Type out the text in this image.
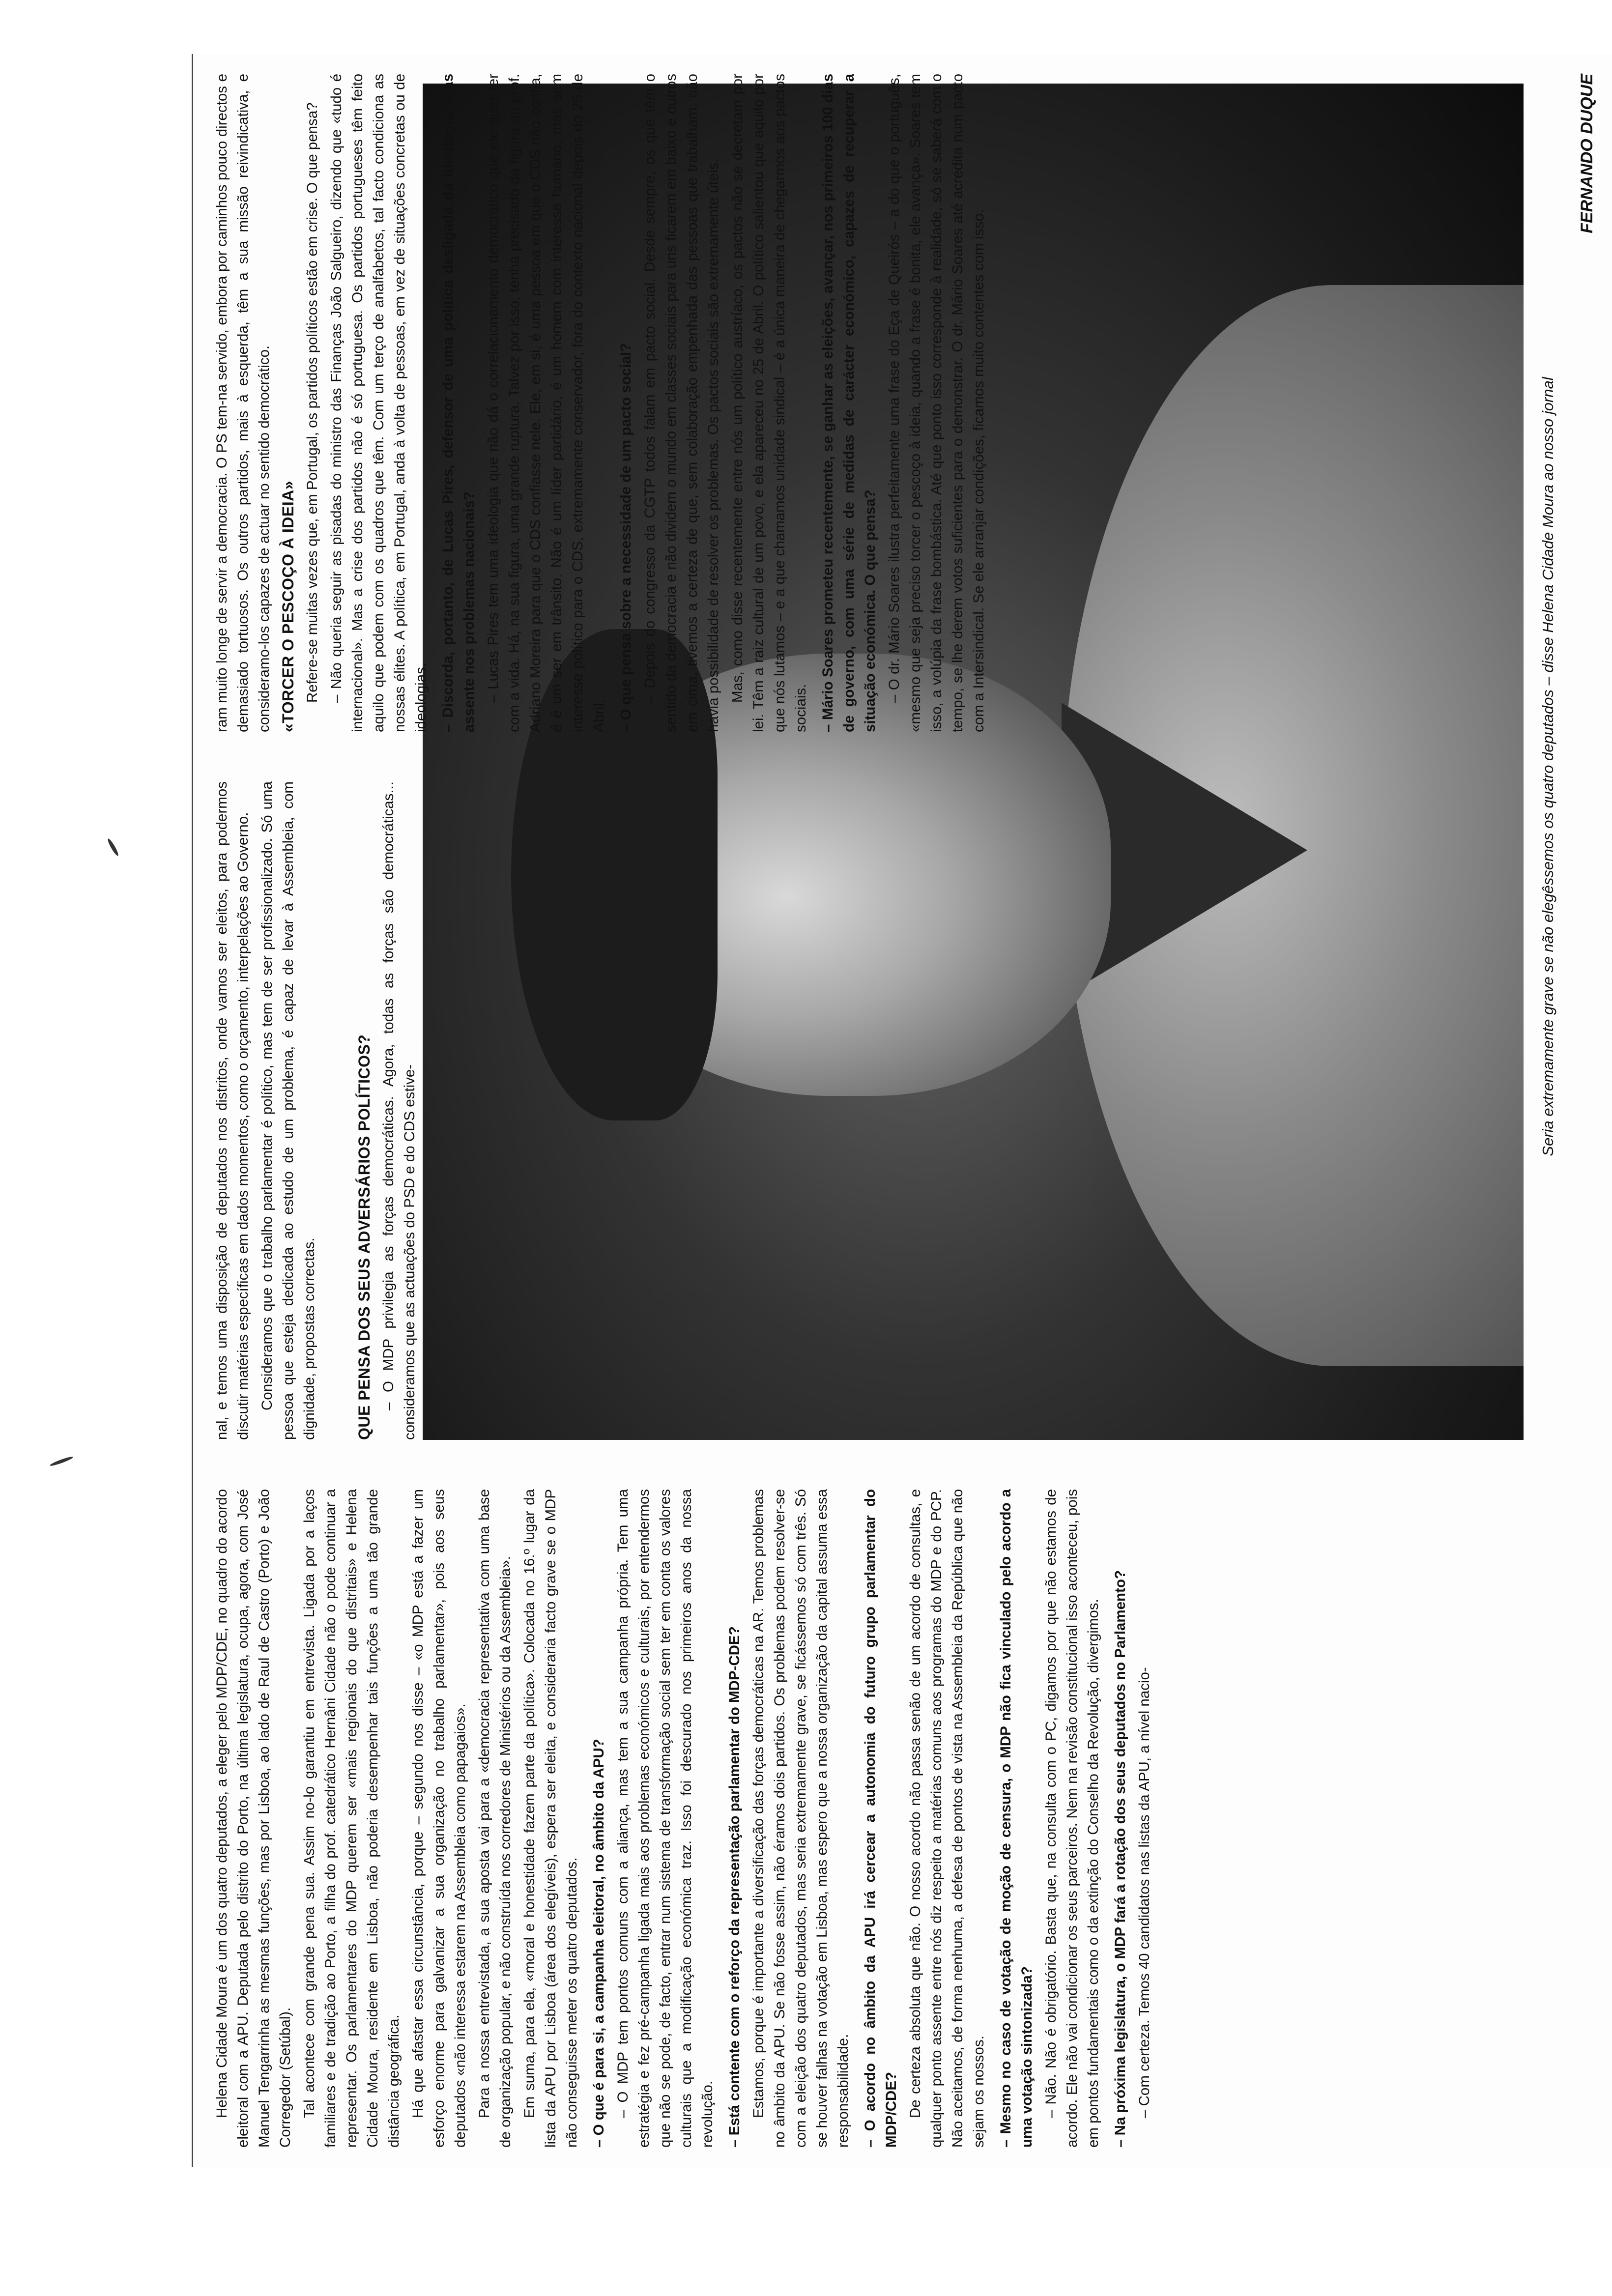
Helena Cidade Moura é um dos quatro deputados, a eleger pelo MDP/CDE, no quadro do acordo eleitoral com a APU. Deputada pelo distrito do Porto, na última legislatura, ocupa, agora, com José Manuel Tengarrinha as mesmas funções, mas por Lisboa, ao lado de Raul de Castro (Porto) e João Corregedor (Setúbal). Tal acontece com grande pena sua. Assim no-lo garantiu em entrevista. Ligada por a laços familiares e de tradição ao Porto, a filha do prof. catedrático Hernâni Cidade não o pode continuar a representar. Os parlamentares do MDP querem ser «mais regionais do que distritais» e Helena Cidade Moura, residente em Lisboa, não poderia desempenhar tais funções a uma tão grande distância geográfica. Há que afastar essa circunstância, porque – segundo nos disse – «o MDP está a fazer um esforço enorme para galvanizar a sua organização no trabalho parlamentar», pois aos seus deputados «não interessa estarem na Assembleia como papagaios». Para a nossa entrevistada, a sua aposta vai para a «democracia representativa com uma base de organização popular, e não construída nos corredores de Ministérios ou da Assembleia». Em suma, para ela, «moral e honestidade fazem parte da política». Colocada no 16.º lugar da lista da APU por Lisboa (área dos elegíveis), espera ser eleita, e consideraria facto grave se o MDP não conseguisse meter os quatro deputados. – O que é para si, a campanha eleitoral, no âmbito da APU? – O MDP tem pontos comuns com a aliança, mas tem a sua campanha própria. Tem uma estratégia e fez pré-campanha ligada mais aos problemas económicos e culturais, por entendermos que não se pode, de facto, entrar num sistema de transformação social sem ter em conta os valores culturais que a modificação económica traz. Isso foi descurado nos primeiros anos da nossa revolução. – Está contente com o reforço da representação parlamentar do MDP-CDE? Estamos, porque é importante a diversificação das forças democráticas na AR. Temos problemas no âmbito da APU. Se não fosse assim, não éramos dois partidos. Os problemas podem resolver-se com a eleição dos quatro deputados, mas seria extremamente grave, se ficássemos só com três. Só se houver falhas na votação em Lisboa, mas espero que a nossa organização da capital assuma essa responsabilidade. – O acordo no âmbito da APU irá cercear a autonomia do futuro grupo parlamentar do MDP/CDE? De certeza absoluta que não. O nosso acordo não passa senão de um acordo de consultas, e qualquer ponto assente entre nós diz respeito a matérias comuns aos programas do MDP e do PCP. Não aceitamos, de forma nenhuma, a defesa de pontos de vista na Assembleia da República que não sejam os nossos. – Mesmo no caso de votação de moção de censura, o MDP não fica vinculado pelo acordo a uma votação sintonizada? – Não. Não é obrigatório. Basta que, na consulta com o PC, digamos por que não estamos de acordo. Ele não vai condicionar os seus parceiros. Nem na revisão constitucional isso aconteceu, pois em pontos fundamentais como o da extinção do Conselho da Revolução, divergimos. – Na próxima legislatura, o MDP fará a rotação dos seus deputados no Parlamento? – Com certeza. Temos 40 candidatos nas listas da APU, a nível nacio-

nal, e temos uma disposição de deputados nos distritos, onde vamos ser eleitos, para podermos discutir matérias específicas em dados momentos, como o orçamento, interpelações ao Governo. Consideramos que o trabalho parlamentar é político, mas tem de ser profissionalizado. Só uma pessoa que esteja dedicada ao estudo de um problema, é capaz de levar à Assembleia, com dignidade, propostas correctas. QUE PENSA DOS SEUS ADVERSÁRIOS POLÍTICOS? – O MDP privilegia as forças democráticas. Agora, todas as forças são democráticas... consideramos que as actuações do PSD e do CDS estive-

Seria extremamente grave se não elegêssemos os quatro deputados – disse Helena Cidade Moura ao nosso jornal

ram muito longe de servir a democracia. O PS tem-na servido, embora por caminhos pouco directos e demasiado tortuosos. Os outros partidos, mais à esquerda, têm a sua missão reivindicativa, e consideramo-los capazes de actuar no sentido democrático. «TORCER O PESCOÇO À IDEIA» Refere-se muitas vezes que, em Portugal, os partidos políticos estão em crise. O que pensa? – Não queria seguir as pisadas do ministro das Finanças João Salgueiro, dizendo que «tudo é internacional». Mas a crise dos partidos não é só portuguesa. Os partidos portugueses têm feito aquilo que podem com os quadros que têm. Com um terço de analfabetos, tal facto condiciona as nossas élites. A política, em Portugal, anda à volta de pessoas, em vez de situações concretas ou de ideologias. – Discorda, portanto, de Lucas Pires, defensor de uma política desligada da ideologia, mas assente nos problemas nacionais? – Lucas Pires tem uma ideologia que não dá o correlacionamento democrático que ele quer ter com a vida. Há, na sua figura, uma grande ruptura. Talvez por isso, tenha precisado da figura do prof. Adriano Moreira para que o CDS confiasse nele. Ele, em si, é uma pessoa em que o CDS não confia, é é um ser em trânsito. Não é um líder partidário, é um homem com interesse humano, mas sem interesse político para o CDS, extremamente conservador, fora do contexto nacional depois do 25 de Abril. – O que pensa sobre a necessidade de um pacto social? – Depois do congresso da CGTP todos falam em pacto social. Desde sempre, os que têm o sentido da democracia e não dividem o mundo em classes sociais para uns ficarem em baixo e outros em cima, tivemos a certeza de que, sem colaboração empenhada das pessoas que trabalham, não havia possibilidade de resolver os problemas. Os pactos sociais são extremamente úteis. Mas, como disse recentemente entre nós um político austríaco, os pactos não se decretam por lei. Têm a raiz cultural de um povo, e ela apareceu no 25 de Abril. O político salientou que aquilo por que nós lutamos – e a que chamamos unidade sindical – é a única maneira de chegarmos aos pactos sociais. – Mário Soares prometeu recentemente, se ganhar as eleições, avançar, nos primeiros 100 dias de governo, com uma série de medidas de carácter económico, capazes de recuperar a situação económica. O que pensa? – O dr. Mário Soares ilustra perfeitamente uma frase do Eça de Queirós – a do que o português, «mesmo que seja preciso torcer o pescoço à ideia, quando a frase é bonita, ele avança». Soares tem isso, a volúpia da frase bombástica. Até que ponto isso corresponde à realidade, só se saberá com o tempo, se lhe derem votos suficientes para o demonstrar. O dr. Mário Soares até acredita num pacto com a Intersindical. Se ele arranjar condições, ficamos muito contentes com isso.

FERNANDO DUQUE
